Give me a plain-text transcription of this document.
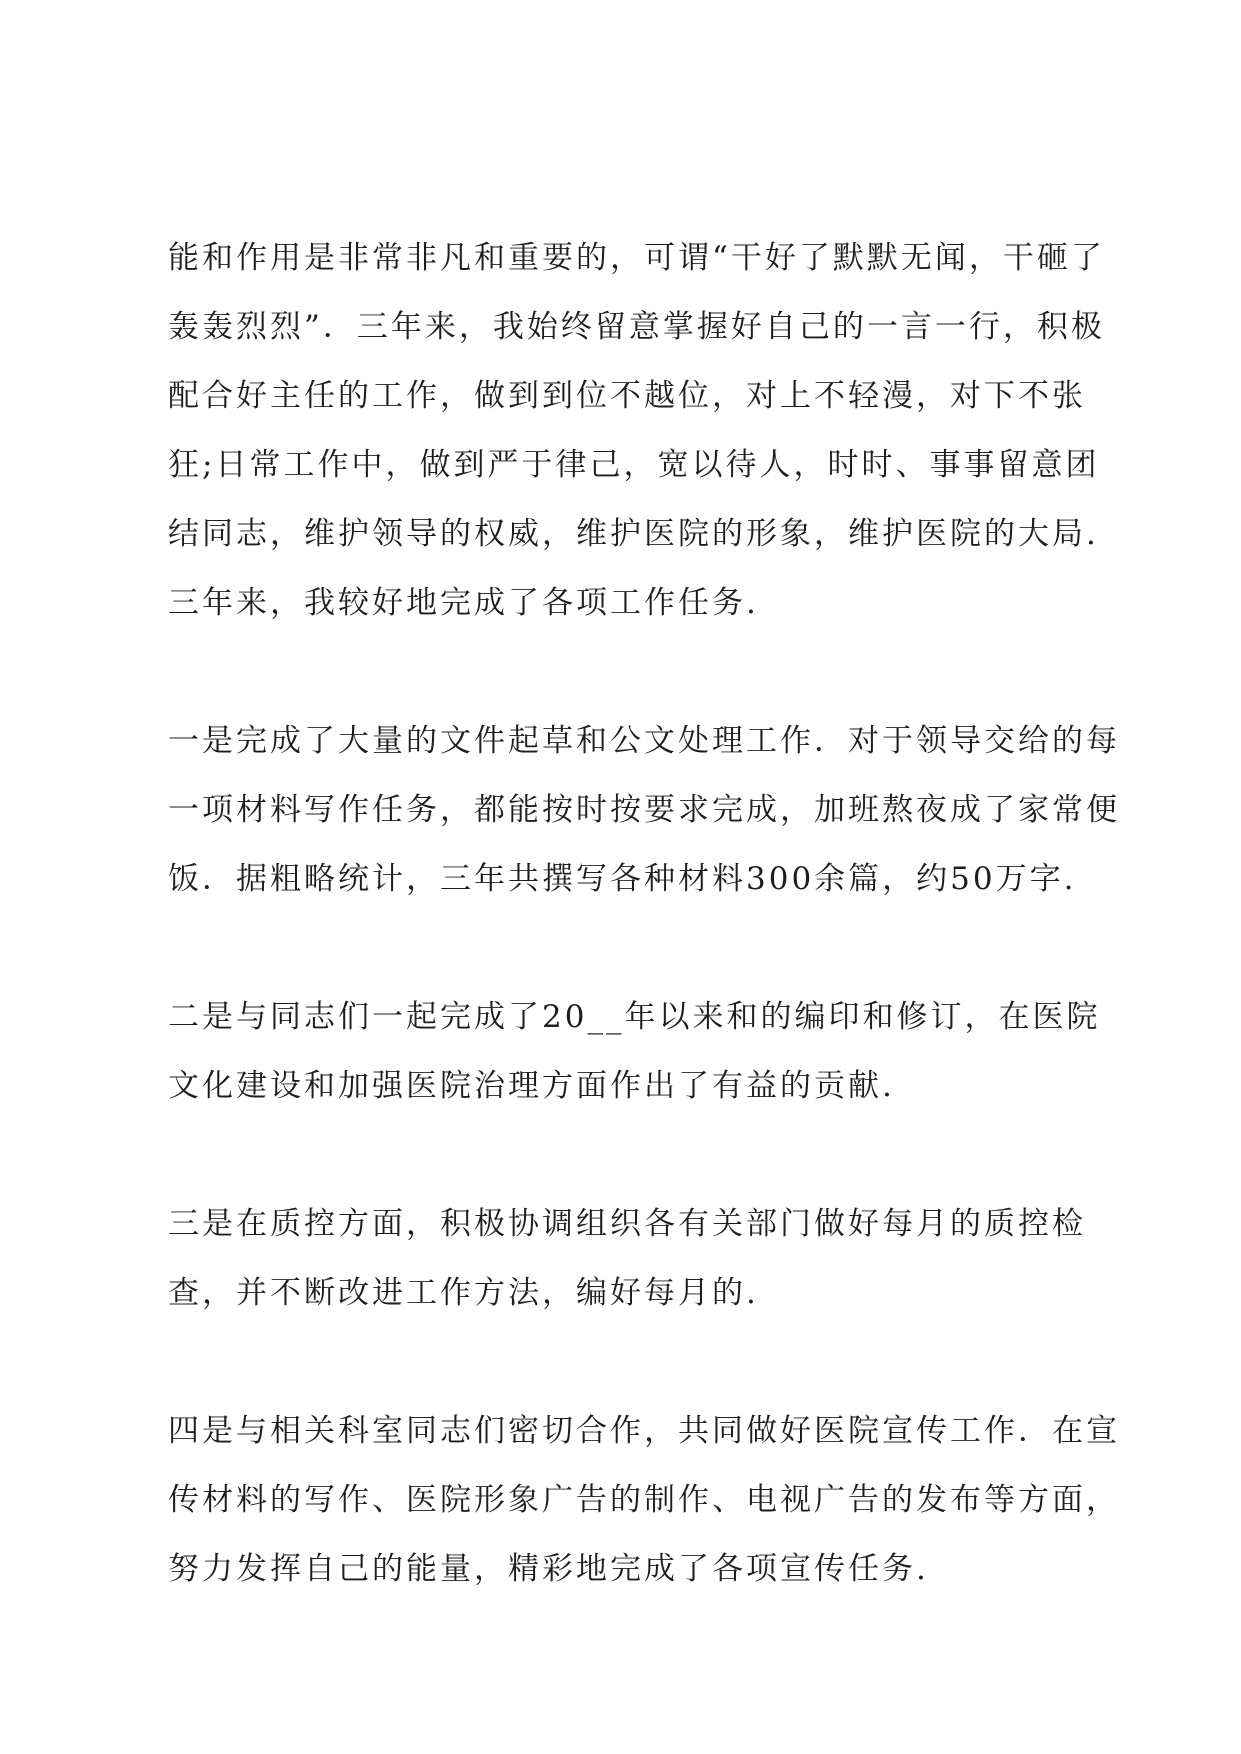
能和作用是非常非凡和重要的，可谓“干好了默默无闻，干砸了
轰轰烈烈”．三年来，我始终留意掌握好自己的一言一行，积极
配合好主任的工作，做到到位不越位，对上不轻漫，对下不张
狂;日常工作中，做到严于律己，宽以待人，时时、事事留意团
结同志，维护领导的权威，维护医院的形象，维护医院的大局.
三年来，我较好地完成了各项工作任务.

一是完成了大量的文件起草和公文处理工作．对于领导交给的每
一项材料写作任务，都能按时按要求完成，加班熬夜成了家常便
饭．据粗略统计，三年共撰写各种材料300余篇，约50万字.

二是与同志们一起完成了20__年以来和的编印和修订，在医院
文化建设和加强医院治理方面作出了有益的贡献.

三是在质控方面，积极协调组织各有关部门做好每月的质控检
查，并不断改进工作方法，编好每月的.

四是与相关科室同志们密切合作，共同做好医院宣传工作．在宣
传材料的写作、医院形象广告的制作、电视广告的发布等方面，
努力发挥自己的能量，精彩地完成了各项宣传任务.
